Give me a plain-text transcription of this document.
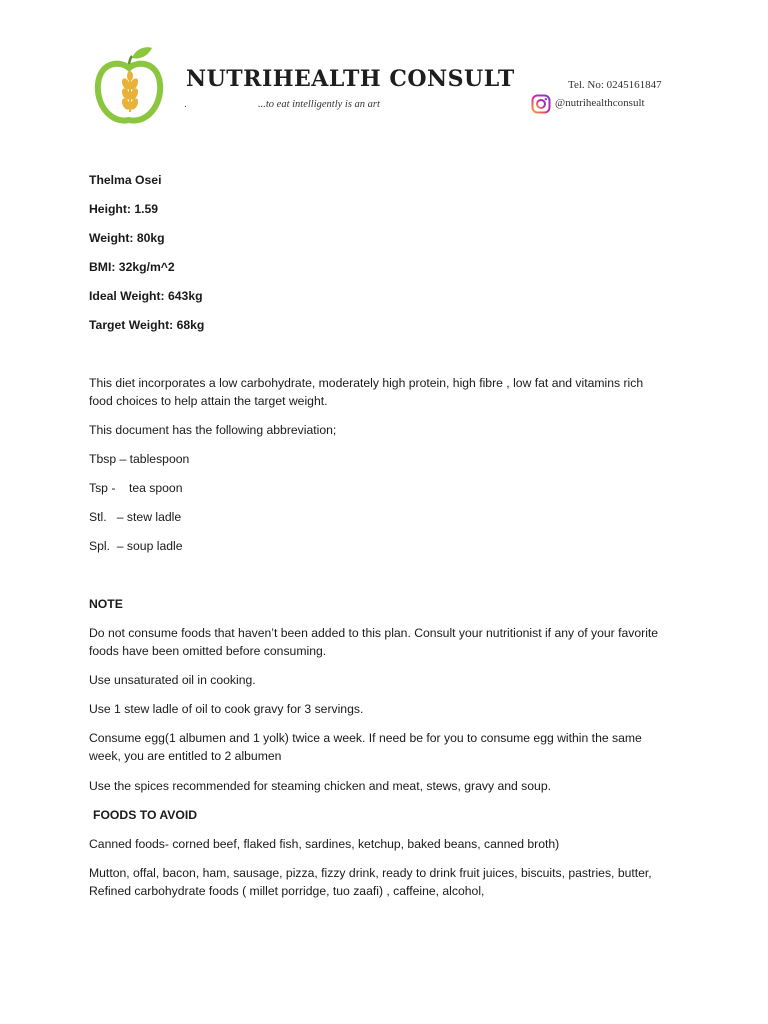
NUTRIHEALTH CONSULT
.	...to eat intelligently is an art
Tel. No: 0245161847
@nutrihealthconsult
Thelma Osei
Height: 1.59
Weight: 80kg
BMI: 32kg/m^2
Ideal Weight: 643kg
Target Weight: 68kg
This diet incorporates a low carbohydrate, moderately high protein, high fibre , low fat and vitamins rich food choices to help attain the target weight.
This document has the following abbreviation;
Tbsp – tablespoon
Tsp -    tea spoon
Stl.   – stew ladle
Spl.  – soup ladle
NOTE
Do not consume foods that haven’t been added to this plan. Consult your nutritionist if any of your favorite foods have been omitted before consuming.
Use unsaturated oil in cooking.
Use 1 stew ladle of oil to cook gravy for 3 servings.
Consume egg(1 albumen and 1 yolk) twice a week. If need be for you to consume egg within the same week, you are entitled to 2 albumen
Use the spices recommended for steaming chicken and meat, stews, gravy and soup.
FOODS TO AVOID
Canned foods- corned beef, flaked fish, sardines, ketchup, baked beans, canned broth)
Mutton, offal, bacon, ham, sausage, pizza, fizzy drink, ready to drink fruit juices, biscuits, pastries, butter, Refined carbohydrate foods ( millet porridge, tuo zaafi) , caffeine, alcohol,
